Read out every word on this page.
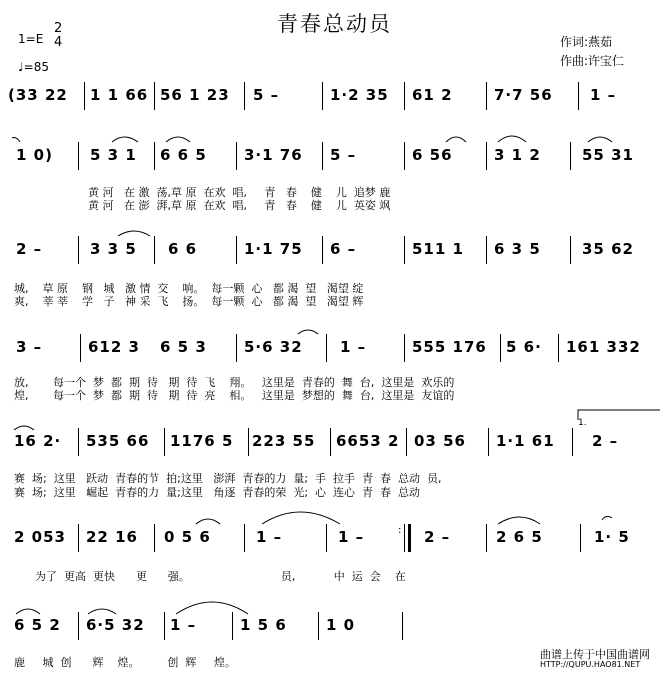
青春总动员
1=E
2
4
♩=85
作词:燕茹
作曲:许宝仁
(33 22 1 1 66 56 1 23 5 –	1·2 35 61 2	7·7 56 1 –
1 0) 5 3 1 6 6 5 3·1 76 5 –	6 56	3 1 2	55 31
黄 河   在 激  荡,草 原  在欢  唱,     青   春    健    儿  追梦 鹿
黄 河   在 澎  湃,草 原  在欢  唱,     青   春    健    儿  英姿 飒
2 –	3 3 5 6 6	1·1 75 6 –	511 1 6 3 5	35 62
城,    草 原    钢   城   激 情  交    响。  每一颗  心   都 渴  望   渴望 绽
爽,    莘 莘    学   子   神 采  飞    扬。  每一颗  心   都 渴  望   渴望 辉
3 –	612 3 6 5 3 5·6 32 1 –	555 176 5 6· 161 332
放,       每一个  梦  都  期  待   期  待  飞    翔。   这里是  青春的  舞  台,  这里是  欢乐的
煌,       每一个  梦  都  期  待   期  待  亮    相。   这里是  梦想的  舞  台,  这里是  友谊的
16 2· 535 66 1176 5 223 55 6653 2 03 56 1·1 61 2 –
1.
赛  场;  这里   跃动  青春的节  拍;这里   澎湃  青春的力  量;  手  拉手  青  春  总动  员,
赛  场;  这里   崛起  青春的力  量;这里   角逐  青春的荣  光;  心  连心  青  春  总动
2 053 22 16 0 5 6	1 –	1 –	2 –	2 6 5	1· 5
:
为了  更高  更快      更      强。                          员,           中  运  会    在
6 5 2 6·5 32 1 –	1 5 6	1 0
鹿     城  创      辉    煌。        创  辉     煌。
曲谱上传于中国曲谱网
HTTP://QUPU.HAO81.NET
